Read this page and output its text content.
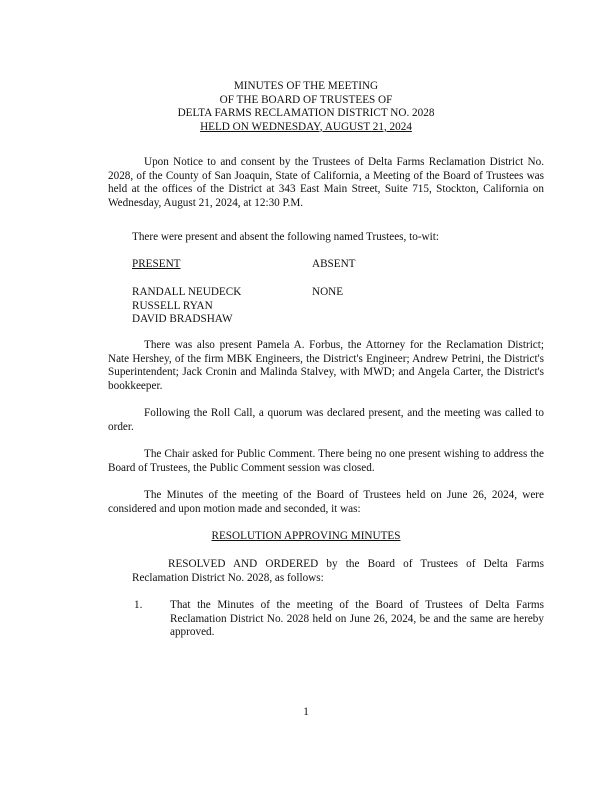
MINUTES OF THE MEETING
OF THE BOARD OF TRUSTEES OF
DELTA FARMS RECLAMATION DISTRICT NO. 2028
HELD ON WEDNESDAY, AUGUST 21, 2024
Upon Notice to and consent by the Trustees of Delta Farms Reclamation District No. 2028, of the County of San Joaquin, State of California, a Meeting of the Board of Trustees was held at the offices of the District at 343 East Main Street, Suite 715, Stockton, California on Wednesday, August 21, 2024, at 12:30 P.M.
There were present and absent the following named Trustees, to-wit:
PRESENT	ABSENT
RANDALL NEUDECK
RUSSELL RYAN
DAVID BRADSHAW
NONE
There was also present Pamela A. Forbus, the Attorney for the Reclamation District; Nate Hershey, of the firm MBK Engineers, the District's Engineer; Andrew Petrini, the District's Superintendent; Jack Cronin and Malinda Stalvey, with MWD; and Angela Carter, the District's bookkeeper.
Following the Roll Call, a quorum was declared present, and the meeting was called to order.
The Chair asked for Public Comment. There being no one present wishing to address the Board of Trustees, the Public Comment session was closed.
The Minutes of the meeting of the Board of Trustees held on June 26, 2024, were considered and upon motion made and seconded, it was:
RESOLUTION APPROVING MINUTES
RESOLVED AND ORDERED by the Board of Trustees of Delta Farms Reclamation District No. 2028, as follows:
1. That the Minutes of the meeting of the Board of Trustees of Delta Farms Reclamation District No. 2028 held on June 26, 2024, be and the same are hereby approved.
1
